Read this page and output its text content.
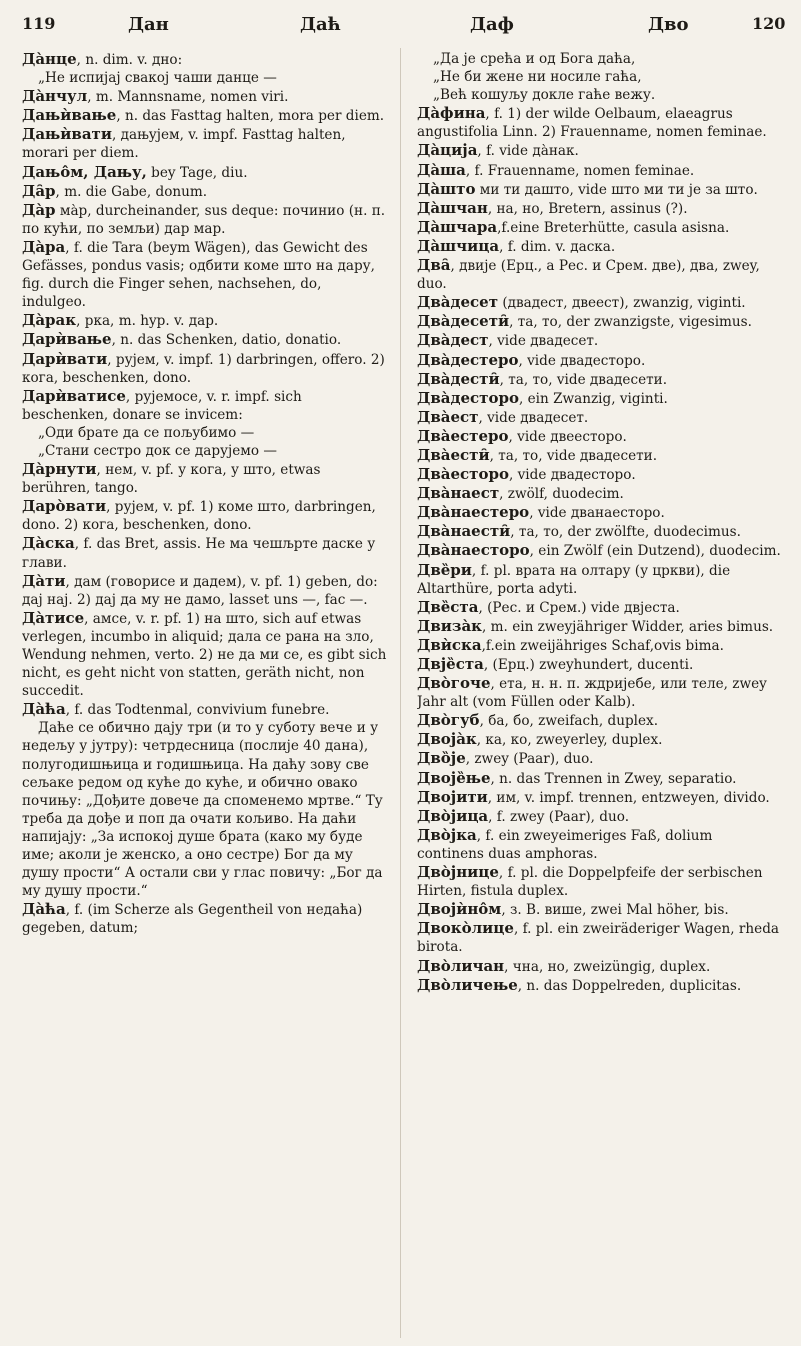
119	Дан	Даћ	Даф	Дво	120

Да̀нце, n. dim. v. дно:

„Не испијај свакој чаши данце —

Да̀нчул, m. Mannsname, nomen viri.

Дањѝвање, n. das Fasttag halten, mora per diem.

Дањѝвати, дањујем, v. impf. Fasttag halten, morari per diem.

Дањо̂м, Дању, bey Tage, diu.

Да̑р, m. die Gabe, donum.

Да̀р ма̀р, durcheinander, sus deque: починио (н. п. по кући, по земљи) дар мар.

Да̀ра, f. die Tara (beym Wägen), das Gewicht des Gefässes, pondus vasis; одбити коме што на дару, fig. durch die Finger sehen, nachsehen, do, indulgeo.

Да̀рак, рка, m. hyp. v. дар.

Дарѝвање, n. das Schenken, datio, donatio.

Дарѝвати, рујем, v. impf. 1) darbringen, offero. 2) кога, beschenken, dono.

Дарѝватисе, рујемосе, v. r. impf. sich beschenken, donare se invicem:

„Оди брате да се пољубимо —

„Стани сестро док се дарујемо —

Да̀рнути, нем, v. pf. у кога, у што, etwas berühren, tango.

Даро̀вати, рујем, v. pf. 1) коме што, darbringen, dono. 2) кога, beschenken, dono.

Да̀ска, f. das Bret, assis. Не ма чешљрте даске у глави.

Да̀ти, дам (говорисе и дадем), v. pf. 1) geben, do: дај нај. 2) дај да му не дамо, lasset uns —, fac —.

Да̀тисе, амсе, v. r. pf. 1) на што, sich auf etwas verlegen, incumbo in aliquid; дала се рана на зло, Wendung nehmen, verto. 2) не да ми се, es gibt sich nicht, es geht nicht von statten, geräth nicht, non succedit.

Да̀ћа, f. das Todtenmal, convivium funebre.

Даће се обично дају три (и то у суботу вече и у недељу у јутру): четрдесница (послије 40 дана), полугодишњица и годишњица. На даћу зову све сељаке редом од куће до куће, и обично овако почињу: „Дођите довече да споменемо мртве.“ Ту треба да дође и поп да очати кољиво. На даћи напијају: „За испокој душе брата (како му буде име; аколи је женско, а оно сестре) Бог да му душу прости“ А остали сви у глас повичу: „Бог да му душу прости.“

Да̀ћа, f. (im Scherze als Gegentheil von недаћа) gegeben, datum;

„Да је срећа и од Бога даћа,

„Не би жене ни носиле гаћа,

„Већ кошуљу докле гаће вежу.

Да̀фина, f. 1) der wilde Oelbaum, elaeagrus angustifolia Linn. 2) Frauenname, nomen feminae.

Да̀ција, f. vide да̀нак.

Да̀ша, f. Frauenname, nomen feminae.

Да̀што ми ти дашто, vide што ми ти је за што.

Да̀шчан, на, но, Bretern, assinus (?).

Да̀шчара,f.eine Breterhütte, casula asisna.

Да̀шчица, f. dim. v. даска.

Два̑, двије (Ерц., а Рес. и Срем. две), два, zwey, duo.

Два̀десет (двадест, двеест), zwanzig, viginti.

Два̀десети̑, та, то, der zwanzigste, vigesimus.

Два̀дест, vide двадесет.

Два̀дестеро, vide двадесторо.

Два̀дести̑, та, то, vide двадесети.

Два̀десторо, ein Zwanzig, viginti.

Два̀ест, vide двадесет.

Два̀естеро, vide двеесторо.

Два̀ести̑, та, то, vide двадесети.

Два̀есторо, vide двадесторо.

Два̀наест, zwölf, duodecim.

Два̀наестеро, vide дванаесторо.

Два̀наести̑, та, то, der zwölfte, duodecimus.

Два̀наесторо, ein Zwölf (ein Dutzend), duodecim.

Две̏ри, f. pl. врата на олтару (у цркви), die Altarthüre, porta adyti.

Две̏ста, (Рес. и Срем.) vide двјеста.

Двиза̀к, m. ein zweyjähriger Widder, aries bimus.

Двѝска,f.ein zweijähriges Schaf,ovis bima.

Двје̏ста, (Ерц.) zweyhundert, ducenti.

Дво̀гоче, ета, н. н. п. ждријебе, или теле, zwey Jahr alt (vom Füllen oder Kalb).

Дво̀губ, ба, бо, zweifach, duplex.

Двоја̀к, ка, ко, zweyerley, duplex.

Дво̏је, zwey (Paar), duo.

Двоје̏ње, n. das Trennen in Zwey, separatio.

Двојити, им, v. impf. trennen, entzweyen, divido.

Дво̀јица, f. zwey (Paar), duo.

Дво̀јка, f. ein zweyeimeriges Faß, dolium continens duas amphoras.

Дво̀јнице, f. pl. die Doppelpfeife der serbischen Hirten, fistula duplex.

Двојѝно̂м, з. В. више, zwei Mal höher, bis.

Двоко̀лице, f. pl. ein zweiräderiger Wagen, rheda birota.

Дво̀личан, чна, но, zweizüngig, duplex.

Дво̀личење, n. das Doppelreden, duplicitas.
